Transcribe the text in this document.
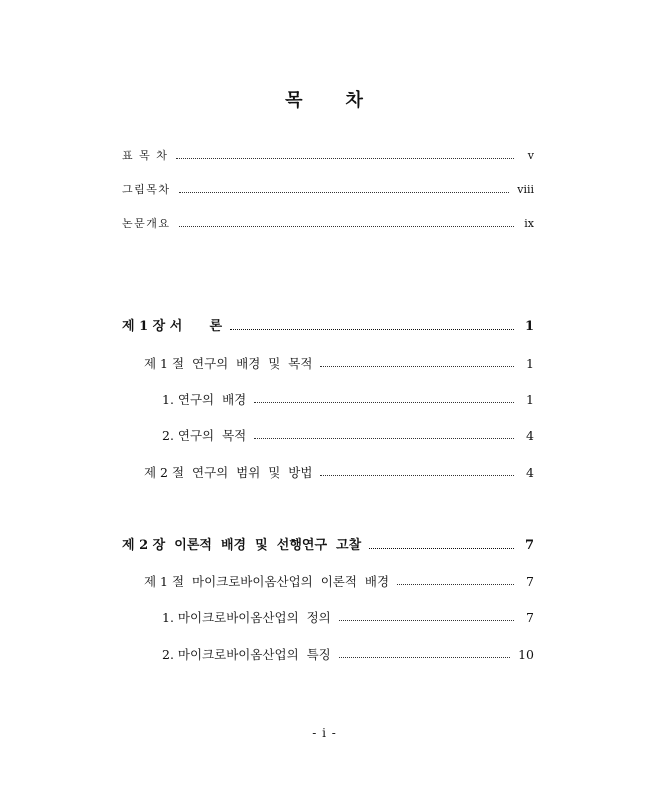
목 차
표 목 차	ⅴ
그림목차	ⅷ
논문개요	ⅸ
제 1 장 서      론	1
제 1 절  연구의  배경  및  목적	1
1. 연구의  배경	1
2. 연구의  목적	4
제 2 절  연구의  범위  및  방법	4
제 2 장  이론적  배경  및  선행연구  고찰	7
제 1 절  마이크로바이옴산업의  이론적  배경	7
1. 마이크로바이옴산업의  정의	7
2. 마이크로바이옴산업의  특징	10
- i -
